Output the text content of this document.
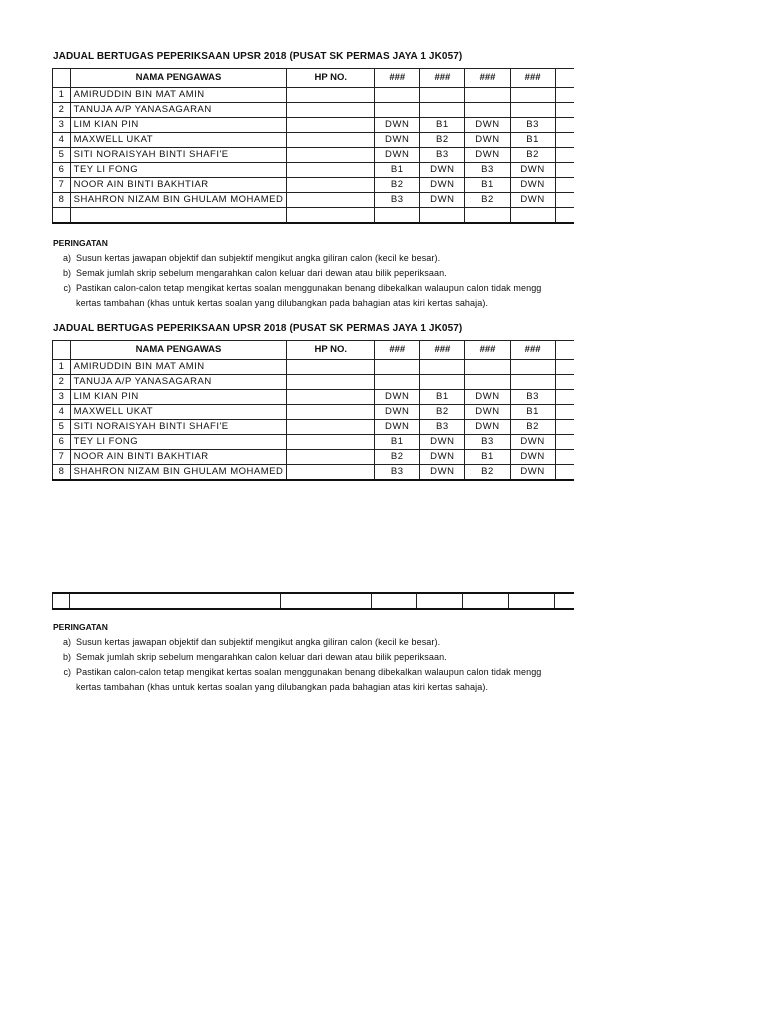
JADUAL BERTUGAS PEPERIKSAAN UPSR 2018 (PUSAT SK PERMAS JAYA 1 JK057)
	NAMA PENGAWAS	HP NO.	###	###	###	###	
1	AMIRUDDIN BIN MAT AMIN						
2	TANUJA A/P YANASAGARAN						
3	LIM KIAN PIN		DWN	B1	DWN	B3	
4	MAXWELL UKAT		DWN	B2	DWN	B1	
5	SITI NORAISYAH BINTI SHAFI'E		DWN	B3	DWN	B2	
6	TEY LI FONG		B1	DWN	B3	DWN	
7	NOOR AIN BINTI BAKHTIAR		B2	DWN	B1	DWN	
8	SHAHRON NIZAM BIN GHULAM MOHAMED		B3	DWN	B2	DWN	

PERINGATAN
a) Susun kertas jawapan objektif dan subjektif mengikut angka giliran calon (kecil ke besar).
b) Semak jumlah skrip sebelum mengarahkan calon keluar dari dewan atau bilik peperiksaan.
c) Pastikan calon-calon tetap mengikat kertas soalan menggunakan benang dibekalkan walaupun calon tidak mengg
kertas tambahan (khas untuk kertas soalan yang dilubangkan pada bahagian atas kiri kertas sahaja).
JADUAL BERTUGAS PEPERIKSAAN UPSR 2018 (PUSAT SK PERMAS JAYA 1 JK057)
	NAMA PENGAWAS	HP NO.	###	###	###	###	
1	AMIRUDDIN BIN MAT AMIN						
2	TANUJA A/P YANASAGARAN						
3	LIM KIAN PIN		DWN	B1	DWN	B3	
4	MAXWELL UKAT		DWN	B2	DWN	B1	
5	SITI NORAISYAH BINTI SHAFI'E		DWN	B3	DWN	B2	
6	TEY LI FONG		B1	DWN	B3	DWN	
7	NOOR AIN BINTI BAKHTIAR		B2	DWN	B1	DWN	
8	SHAHRON NIZAM BIN GHULAM MOHAMED		B3	DWN	B2	DWN	

PERINGATAN
a) Susun kertas jawapan objektif dan subjektif mengikut angka giliran calon (kecil ke besar).
b) Semak jumlah skrip sebelum mengarahkan calon keluar dari dewan atau bilik peperiksaan.
c) Pastikan calon-calon tetap mengikat kertas soalan menggunakan benang dibekalkan walaupun calon tidak mengg
kertas tambahan (khas untuk kertas soalan yang dilubangkan pada bahagian atas kiri kertas sahaja).
